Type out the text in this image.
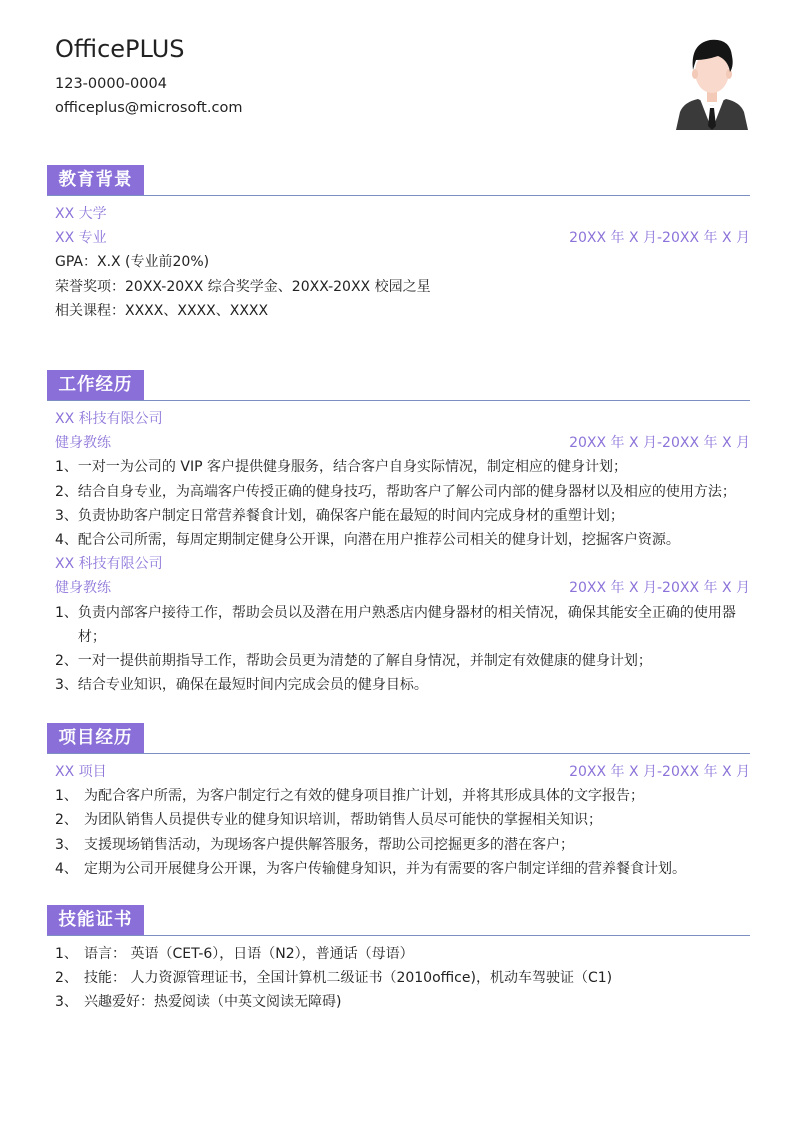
OfficePLUS
123-0000-0004
officeplus@microsoft.com
教育背景
XX 大学
XX 专业	20XX 年 X 月-20XX 年 X 月
GPA：X.X (专业前20%)
荣誉奖项：20XX-20XX 综合奖学金、20XX-20XX 校园之星
相关课程：XXXX、XXXX、XXXX
工作经历
XX 科技有限公司
健身教练	20XX 年 X 月-20XX 年 X 月
1、 一对一为公司的 VIP 客户提供健身服务，结合客户自身实际情况，制定相应的健身计划；
2、 结合自身专业，为高端客户传授正确的健身技巧，帮助客户了解公司内部的健身器材以及相应的使用方法；
3、 负责协助客户制定日常营养餐食计划，确保客户能在最短的时间内完成身材的重塑计划；
4、 配合公司所需，每周定期制定健身公开课，向潜在用户推荐公司相关的健身计划，挖掘客户资源。
XX 科技有限公司
健身教练	20XX 年 X 月-20XX 年 X 月
1、 负责内部客户接待工作，帮助会员以及潜在用户熟悉店内健身器材的相关情况，确保其能安全正确的使用器材；
2、 一对一提供前期指导工作，帮助会员更为清楚的了解自身情况，并制定有效健康的健身计划；
3、 结合专业知识，确保在最短时间内完成会员的健身目标。
项目经历
XX 项目	20XX 年 X 月-20XX 年 X 月
1、 为配合客户所需，为客户制定行之有效的健身项目推广计划，并将其形成具体的文字报告；
2、 为团队销售人员提供专业的健身知识培训，帮助销售人员尽可能快的掌握相关知识；
3、 支援现场销售活动，为现场客户提供解答服务，帮助公司挖掘更多的潜在客户；
4、 定期为公司开展健身公开课，为客户传输健身知识，并为有需要的客户制定详细的营养餐食计划。
技能证书
1、 语言： 英语（CET-6），日语（N2），普通话（母语）
2、 技能： 人力资源管理证书，全国计算机二级证书（2010office)，机动车驾驶证（C1)
3、 兴趣爱好：热爱阅读（中英文阅读无障碍)
